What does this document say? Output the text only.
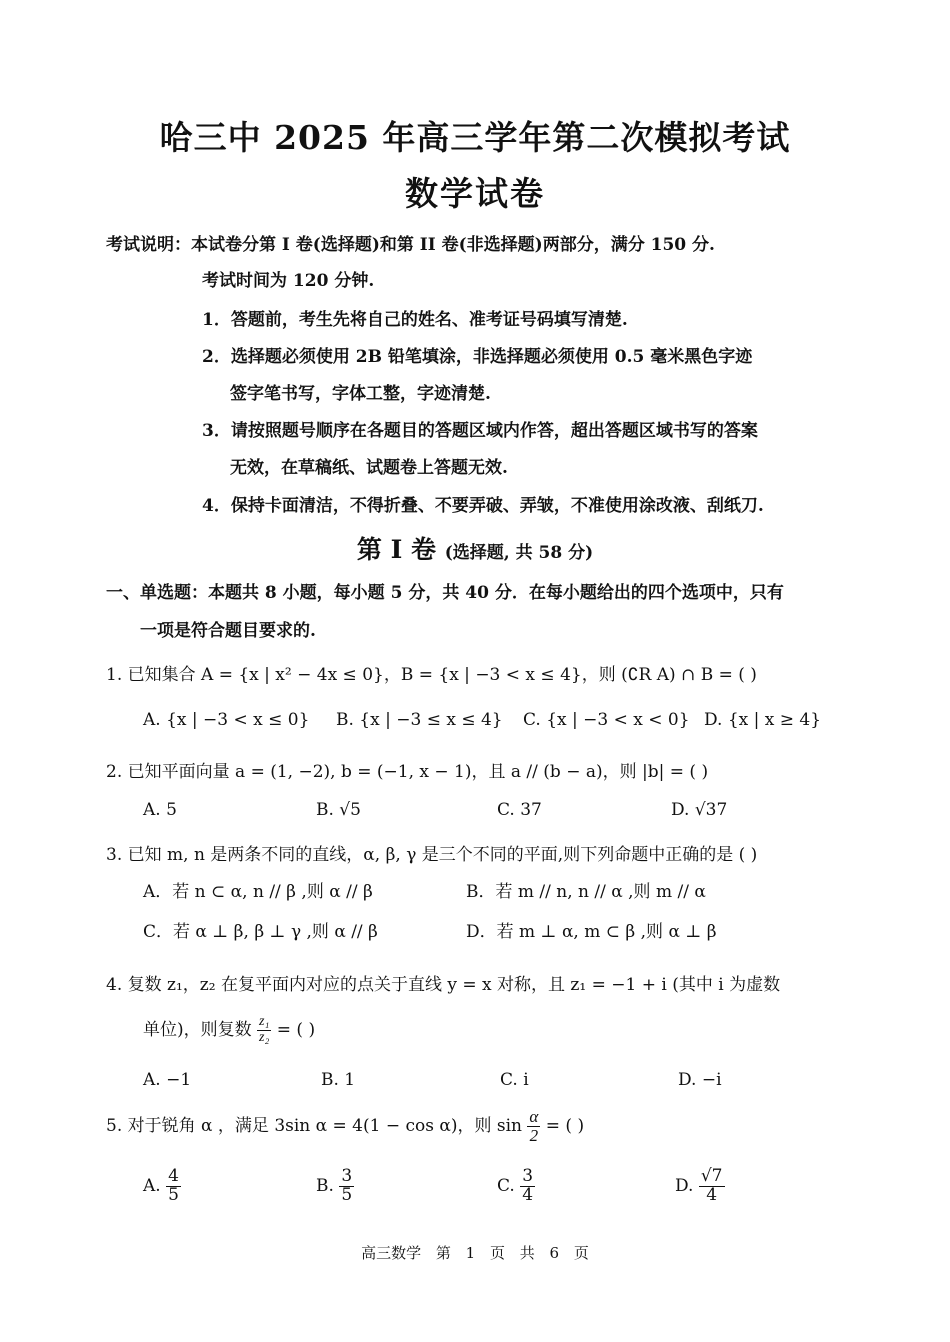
哈三中 2025 年高三学年第二次模拟考试
数学试卷
考试说明：本试卷分第 I 卷(选择题)和第 II 卷(非选择题)两部分，满分 150 分.
考试时间为 120 分钟.
1．答题前，考生先将自己的姓名、准考证号码填写清楚.
2．选择题必须使用 2B 铅笔填涂，非选择题必须使用 0.5 毫米黑色字迹
签字笔书写，字体工整，字迹清楚.
3．请按照题号顺序在各题目的答题区域内作答，超出答题区域书写的答案
无效，在草稿纸、试题卷上答题无效.
4．保持卡面清洁，不得折叠、不要弄破、弄皱，不准使用涂改液、刮纸刀.
第 I 卷 (选择题, 共 58 分)
一、单选题：本题共 8 小题，每小题 5 分，共 40 分．在每小题给出的四个选项中，只有
一项是符合题目要求的.
1. 已知集合 A = {x | x² − 4x ≤ 0}，B = {x | −3 < x ≤ 4}，则 (∁R A) ∩ B = ( )
A. {x | −3 < x ≤ 0} B. {x | −3 ≤ x ≤ 4} C. {x | −3 < x < 0} D. {x | x ≥ 4}
2. 已知平面向量 a = (1, −2), b = (−1, x − 1)，且 a // (b − a)，则 |b| = ( )
A. 5	B. √5	C. 37	D. √37
3. 已知 m, n 是两条不同的直线，α, β, γ 是三个不同的平面,则下列命题中正确的是 ( )
A．若 n ⊂ α, n // β ,则 α // β	B．若 m // n, n // α ,则 m // α
C．若 α ⊥ β, β ⊥ γ ,则 α // β	D．若 m ⊥ α, m ⊂ β ,则 α ⊥ β
4. 复数 z₁，z₂ 在复平面内对应的点关于直线 y = x 对称，且 z₁ = −1 + i (其中 i 为虚数
单位)，则复数 $\frac{\text{z₁}}{\text{z₂}}$ = ( )
A. −1	B. 1	C. i	D. −i
5. 对于锐角 α ，满足 3sin α = 4(1 − cos α)，则 $\sin \frac{\alpha}{2}$ = ( )
A. $\frac{4}{5}$	B. $\frac{3}{5}$	C. $\frac{3}{4}$	D. $\frac{√7}{4}$
高三数学 第 1 页 共 6 页
